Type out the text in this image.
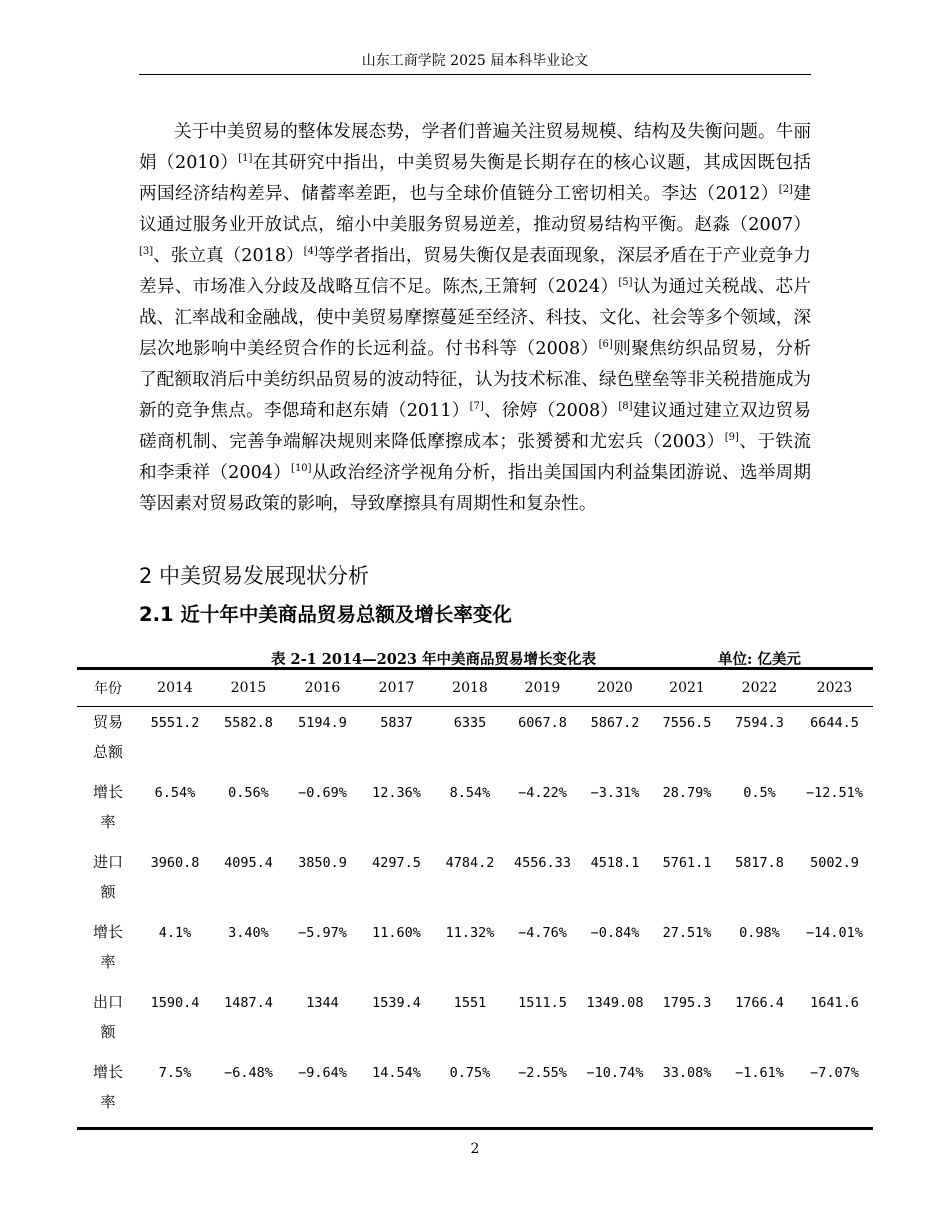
山东工商学院 2025 届本科毕业论文

关于中美贸易的整体发展态势，学者们普遍关注贸易规模、结构及失衡问题。牛丽娟（2010）[1]在其研究中指出，中美贸易失衡是长期存在的核心议题，其成因既包括两国经济结构差异、储蓄率差距，也与全球价值链分工密切相关。李达（2012）[2]建议通过服务业开放试点，缩小中美服务贸易逆差，推动贸易结构平衡。赵淼（2007）[3]、张立真（2018）[4]等学者指出，贸易失衡仅是表面现象，深层矛盾在于产业竞争力差异、市场准入分歧及战略互信不足。陈杰,王箫轲（2024）[5]认为通过关税战、芯片战、汇率战和金融战，使中美贸易摩擦蔓延至经济、科技、文化、社会等多个领域，深层次地影响中美经贸合作的长远利益。付书科等（2008）[6]则聚焦纺织品贸易，分析了配额取消后中美纺织品贸易的波动特征，认为技术标准、绿色壁垒等非关税措施成为新的竞争焦点。李偲琦和赵东婧（2011）[7]、徐婷（2008）[8]建议通过建立双边贸易磋商机制、完善争端解决规则来降低摩擦成本；张赟赟和尤宏兵（2003）[9]、于铁流和李秉祥（2004）[10]从政治经济学视角分析，指出美国国内利益集团游说、选举周期等因素对贸易政策的影响，导致摩擦具有周期性和复杂性。

2 中美贸易发展现状分析
2.1 近十年中美商品贸易总额及增长率变化
表 2-1 2014—2023 年中美商品贸易增长变化表	单位: 亿美元
年份	2014	2015	2016	2017	2018	2019	2020	2021	2022	2023

贸易
总额	5551.2	5582.8	5194.9	5837	6335	6067.8	5867.2	7556.5	7594.3	6644.5

增长
率	6.54%	0.56%	−0.69%	12.36%	8.54%	−4.22%	−3.31%	28.79%	0.5%	−12.51%

进口
额	3960.8	4095.4	3850.9	4297.5	4784.2	4556.33	4518.1	5761.1	5817.8	5002.9

增长
率	4.1%	3.40%	−5.97%	11.60%	11.32%	−4.76%	−0.84%	27.51%	0.98%	−14.01%

出口
额	1590.4	1487.4	1344	1539.4	1551	1511.5	1349.08	1795.3	1766.4	1641.6

增长
率	7.5%	−6.48%	−9.64%	14.54%	0.75%	−2.55%	−10.74%	33.08%	−1.61%	−7.07%
2
